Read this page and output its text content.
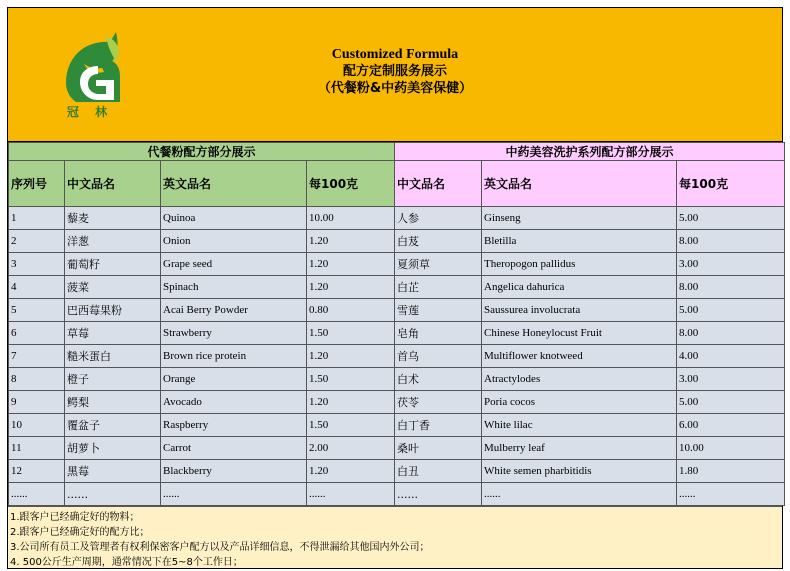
冠 林
Customized Formula
配方定制服务展示
（代餐粉&中药美容保健）
代餐粉配方部分展示				中药美容洗护系列配方部分展示		
序列号	中文品名	英文品名	每100克	中文品名	英文品名	每100克
1	藜麦	Quinoa	10.00	人参	Ginseng	5.00
2	洋葱	Onion	1.20	白芨	Bletilla	8.00
3	葡萄籽	Grape seed	1.20	夏须草	Theropogon pallidus	3.00
4	菠菜	Spinach	1.20	白芷	Angelica dahurica	8.00
5	巴西莓果粉	Acai Berry Powder	0.80	雪莲	Saussurea involucrata	5.00
6	草莓	Strawberry	1.50	皂角	Chinese Honeylocust Fruit	8.00
7	糙米蛋白	Brown rice protein	1.20	首乌	Multiflower knotweed	4.00
8	橙子	Orange	1.50	白术	Atractylodes	3.00
9	鳄梨	Avocado	1.20	茯苓	Poria cocos	5.00
10	覆盆子	Raspberry	1.50	白丁香	White lilac	6.00
11	胡萝卜	Carrot	2.00	桑叶	Mulberry leaf	10.00
12	黑莓	Blackberry	1.20	白丑	White semen pharbitidis	1.80
......	......	......	......	......	......	......
1.跟客户已经确定好的物料；
2.跟客户已经确定好的配方比；
3.公司所有员工及管理者有权利保密客户配方以及产品详细信息，不得泄漏给其他国内外公司；
4. 500公斤生产周期，通常情况下在5~8个工作日；
